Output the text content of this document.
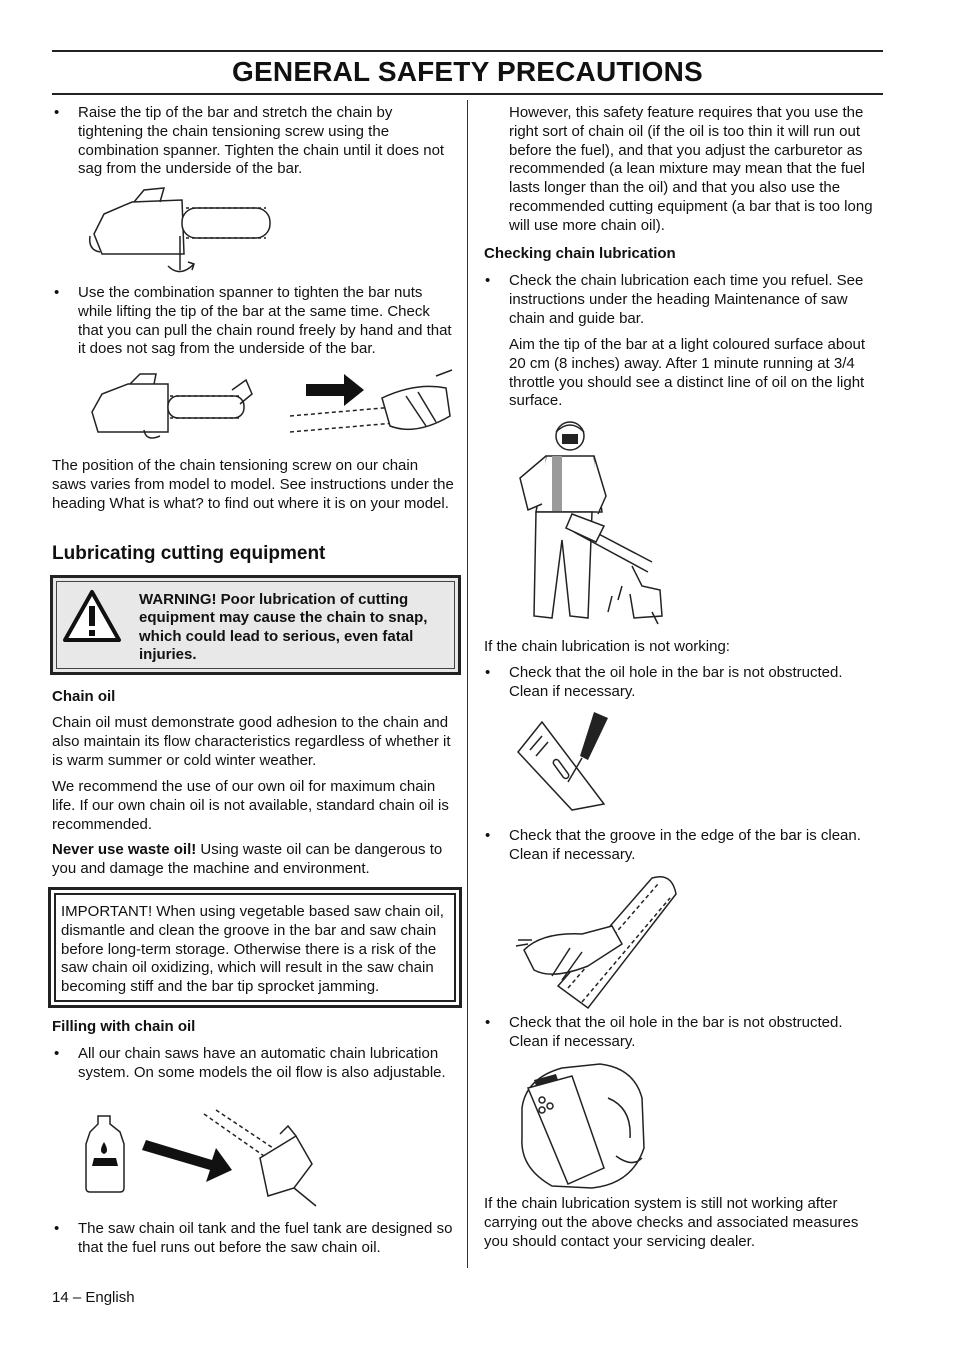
GENERAL SAFETY PRECAUTIONS
• Raise the tip of the bar and stretch the chain by tightening the chain tensioning screw using the combination spanner. Tighten the chain until it does not sag from the underside of the bar.
• Use the combination spanner to tighten the bar nuts while lifting the tip of the bar at the same time. Check that you can pull the chain round freely by hand and that it does not sag from the underside of the bar.
The position of the chain tensioning screw on our chain saws varies from model to model. See instructions under the heading What is what? to find out where it is on your model.
Lubricating cutting equipment
WARNING! Poor lubrication of cutting equipment may cause the chain to snap, which could lead to serious, even fatal injuries.
Chain oil
Chain oil must demonstrate good adhesion to the chain and also maintain its flow characteristics regardless of whether it is warm summer or cold winter weather.
We recommend the use of our own oil for maximum chain life. If our own chain oil is not available, standard chain oil is recommended.
Never use waste oil! Using waste oil can be dangerous to you and damage the machine and environment.
IMPORTANT! When using vegetable based saw chain oil, dismantle and clean the groove in the bar and saw chain before long-term storage. Otherwise there is a risk of the saw chain oil oxidizing, which will result in the saw chain becoming stiff and the bar tip sprocket jamming.
Filling with chain oil
• All our chain saws have an automatic chain lubrication system. On some models the oil flow is also adjustable.
• The saw chain oil tank and the fuel tank are designed so that the fuel runs out before the saw chain oil.
However, this safety feature requires that you use the right sort of chain oil (if the oil is too thin it will run out before the fuel), and that you adjust the carburetor as recommended (a lean mixture may mean that the fuel lasts longer than the oil) and that you also use the recommended cutting equipment (a bar that is too long will use more chain oil).
Checking chain lubrication
• Check the chain lubrication each time you refuel. See instructions under the heading Maintenance of saw chain and guide bar.
Aim the tip of the bar at a light coloured surface about 20 cm (8 inches) away. After 1 minute running at 3/4 throttle you should see a distinct line of oil on the light surface.
If the chain lubrication is not working:
• Check that the oil hole in the bar is not obstructed. Clean if necessary.
• Check that the groove in the edge of the bar is clean. Clean if necessary.
• Check that the oil hole in the bar is not obstructed. Clean if necessary.
If the chain lubrication system is still not working after carrying out the above checks and associated measures you should contact your servicing dealer.
14 – English
